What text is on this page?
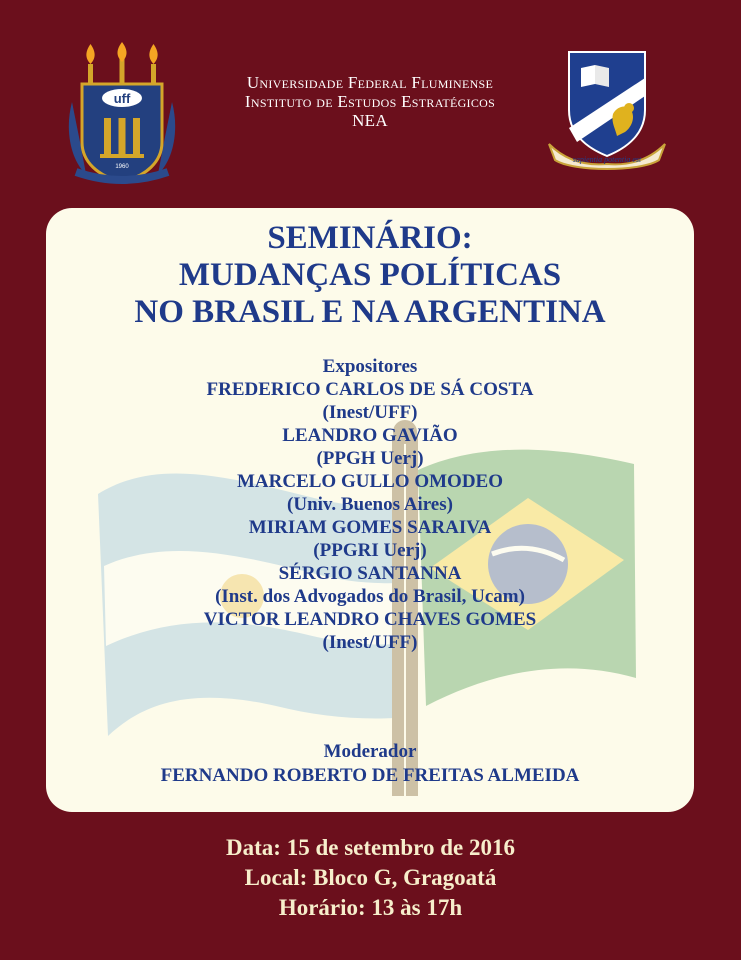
uff
1960
Universidade Federal Fluminense
Instituto de Estudos Estratégicos
NEA
sapientia potentia est
SEMINÁRIO:
MUDANÇAS POLÍTICAS
NO BRASIL E NA ARGENTINA
Expositores
FREDERICO CARLOS DE SÁ COSTA
(Inest/UFF)
LEANDRO GAVIÃO
(PPGH Uerj)
MARCELO GULLO OMODEO
(Univ. Buenos Aires)
MIRIAM GOMES SARAIVA
(PPGRI Uerj)
SÉRGIO SANTANNA
(Inst. dos Advogados do Brasil, Ucam)
VICTOR LEANDRO CHAVES GOMES
(Inest/UFF)
Moderador
FERNANDO ROBERTO DE FREITAS ALMEIDA
Data: 15 de setembro de 2016
Local: Bloco G, Gragoatá
Horário: 13 às 17h
